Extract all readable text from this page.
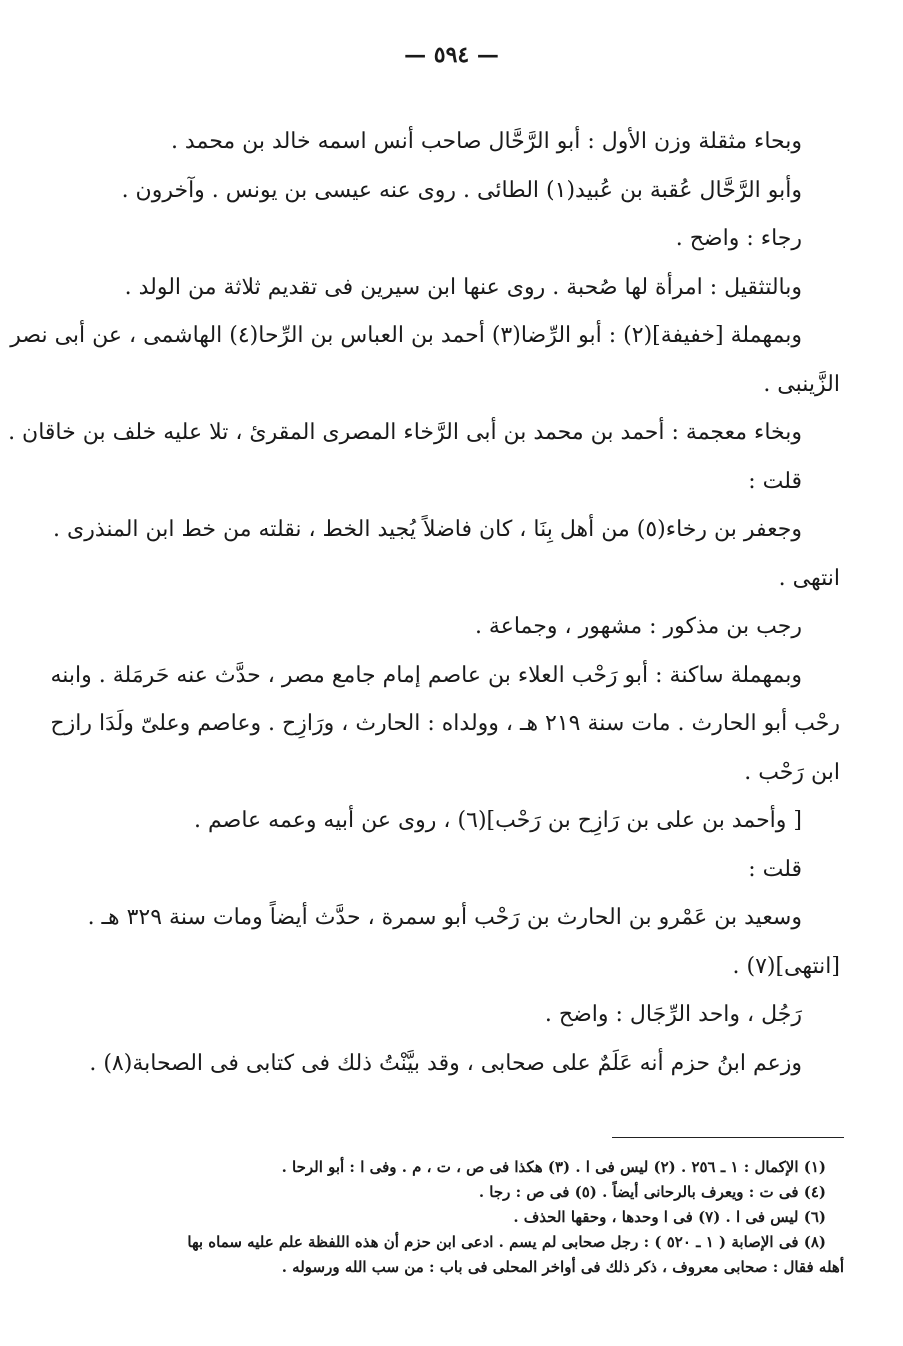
— ٥٩٤ —

وبحاء مثقلة وزن الأول : أبو الرَّحَّال صاحب أنس اسمه خالد بن محمد .

وأبو الرَّحَّال عُقبة بن عُبيد(١) الطائى . روى عنه عيسى بن يونس . وآخرون .

رجاء : واضح .

وبالتثقيل : امرأة لها صُحبة . روى عنها ابن سيرين فى تقديم ثلاثة من الولد .

وبمهملة [خفيفة](٢) : أبو الرِّضا(٣) أحمد بن العباس بن الرِّحا(٤) الهاشمى ، عن أبى نصر

الزَّينبى .

وبخاء معجمة : أحمد بن محمد بن أبى الرَّخاء المصرى المقرئ ، تلا عليه خلف بن خاقان .

قلت :

وجعفر بن رخاء(٥) من أهل بِنَا ، كان فاضلاً يُجيد الخط ، نقلته من خط ابن المنذرى .

انتهى .

رجب بن مذكور : مشهور ، وجماعة .

وبمهملة ساكنة : أبو رَحْب العلاء بن عاصم إمام جامع مصر ، حدَّث عنه حَرمَلة . وابنه

رحْب أبو الحارث . مات سنة ٢١٩ هـ ، وولداه : الحارث ، ورَازِح . وعاصم وعلىّ ولَدَا رازح

ابن رَحْب .

[ وأحمد بن على بن رَازِح بن رَحْب](٦) ، روى عن أبيه وعمه عاصم .

قلت :

وسعيد بن عَمْرو بن الحارث بن رَحْب أبو سمرة ، حدَّث أيضاً ومات سنة ٣٢٩ هـ .

[انتهى](٧) .

رَجُل ، واحد الرِّجَال : واضح .

وزعم ابنُ حزم أنه عَلَمٌ على صحابى ، وقد بيَّنْتُ ذلك فى كتابى فى الصحابة(٨) .

(١) الإكمال : ١ ـ ٢٥٦ . (٢) ليس فى ا . (٣) هكذا فى ص ، ت ، م . وفى ا : أبو الرحا .

(٤) فى ت : ويعرف بالرحانى أيضاً . (٥) فى ص : رجا .

(٦) ليس فى ا . (٧) فى ا وحدها ، وحقها الحذف .

(٨) فى الإصابة ( ١ ـ ٥٢٠ ) : رجل صحابى لم يسم . ادعى ابن حزم أن هذه اللفظة علم عليه سماه بها

أهله فقال : صحابى معروف ، ذكر ذلك فى أواخر المحلى فى باب : من سب الله ورسوله .
